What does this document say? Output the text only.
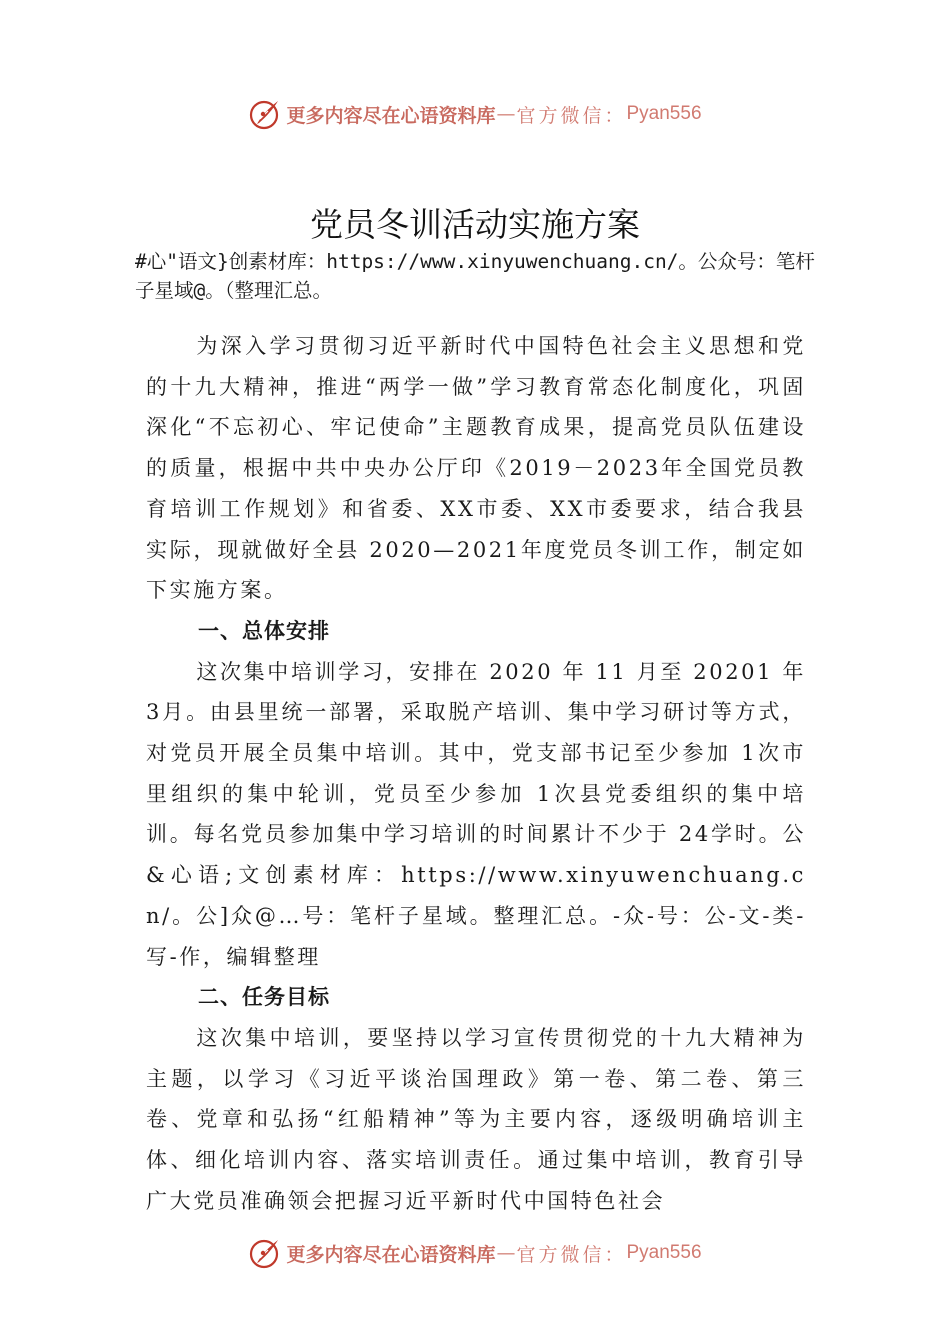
更多内容尽在心语资料库 — 官方微信： Pyan556
党员冬训活动实施方案
#心"语文}创素材库：https://www.xinyuwenchuang.cn/。公众号：笔杆子星域@。（整理汇总。

为深入学习贯彻习近平新时代中国特色社会主义思想和党的十九大精神，推进“两学一做”学习教育常态化制度化，巩固深化“不忘初心、牢记使命”主题教育成果，提高党员队伍建设的质量，根据中共中央办公厅印《2019－2023年全国党员教育培训工作规划》和省委、XX市委、XX市委要求，结合我县实际，现就做好全县 2020—2021年度党员冬训工作，制定如下实施方案。

一、总体安排

这次集中培训学习，安排在 2020 年 11 月至 20201 年3月。由县里统一部署，采取脱产培训、集中学习研讨等方式， 对党员开展全员集中培训。其中，党支部书记至少参加 1次市里组织的集中轮训，党员至少参加 1次县党委组织的集中培训。每名党员参加集中学习培训的时间累计不少于 24学时。公&心语;文创素材库：https://www.xinyuwenchuang.cn/。公]众@…号：笔杆子星域。整理汇总。-众-号：公-文-类-写-作，编辑整理

二、任务目标

这次集中培训，要坚持以学习宣传贯彻党的十九大精神为主题，以学习《习近平谈治国理政》第一卷、第二卷、第三卷、党章和弘扬“红船精神”等为主要内容，逐级明确培训主体、细化培训内容、落实培训责任。通过集中培训，教育引导广大党员准确领会把握习近平新时代中国特色社会

更多内容尽在心语资料库 — 官方微信： Pyan556
